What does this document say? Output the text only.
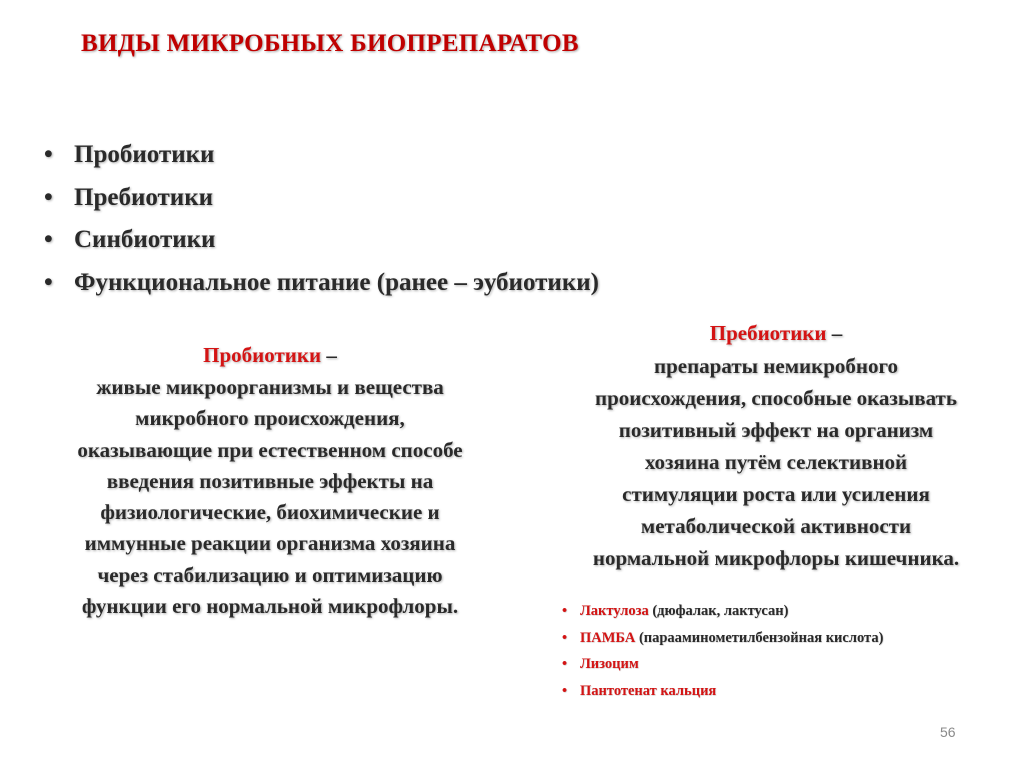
ВИДЫ МИКРОБНЫХ БИОПРЕПАРАТОВ
• Пробиотики
• Пребиотики
• Синбиотики
• Функциональное питание (ранее – эубиотики)
Пробиотики –
живые микроорганизмы и вещества
микробного происхождения,
оказывающие при естественном способе
введения позитивные эффекты на
физиологические, биохимические и
иммунные реакции организма хозяина
через стабилизацию и оптимизацию
функции его нормальной микрофлоры.
Пребиотики –
препараты немикробного
происхождения, способные оказывать
позитивный эффект на организм
хозяина путём селективной
стимуляции роста или усиления
метаболической активности
нормальной микрофлоры кишечника.
• Лактулоза (дюфалак, лактусан)
• ПАМБА (парааминометилбензойная кислота)
• Лизоцим
• Пантотенат кальция
56
